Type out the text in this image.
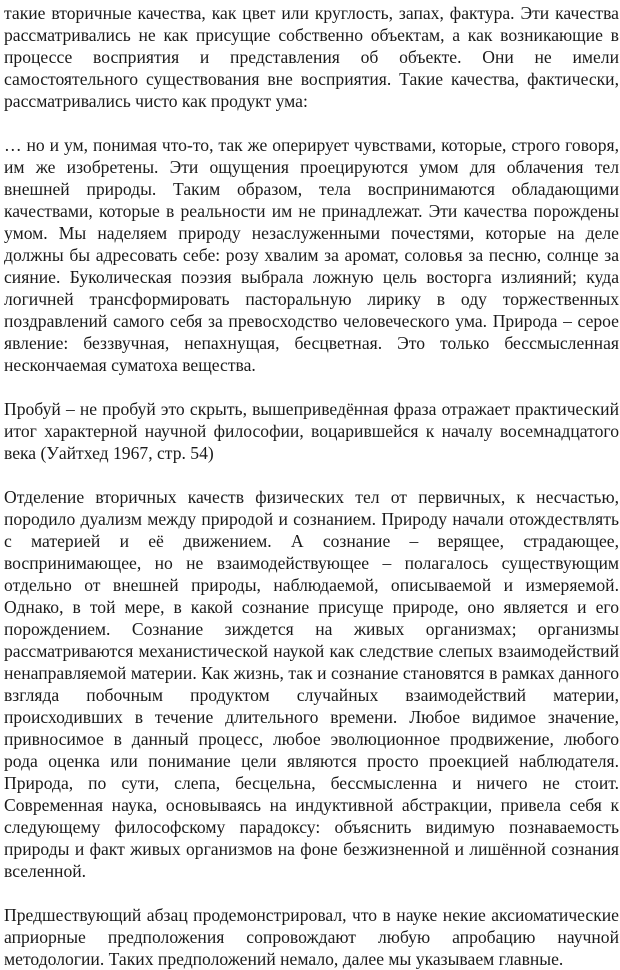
такие вторичные качества, как цвет или круглость, запах, фактура. Эти качества рассматривались не как присущие собственно объектам, а как возникающие в процессе восприятия и представления об объекте. Они не имели самостоятельного существования вне восприятия. Такие качества, фактически, рассматривались чисто как продукт ума:

… но и ум, понимая что-то, так же оперирует чувствами, которые, строго говоря, им же изобретены. Эти ощущения проецируются умом для облачения тел внешней природы. Таким образом, тела воспринимаются обладающими качествами, которые в реальности им не принадлежат. Эти качества порождены умом. Мы наделяем природу незаслуженными почестями, которые на деле должны бы адресовать себе: розу хвалим за аромат, соловья за песню, солнце за сияние. Буколическая поэзия выбрала ложную цель восторга излияний; куда логичней трансформировать пасторальную лирику в оду торжественных поздравлений самого себя за превосходство человеческого ума. Природа – серое явление: беззвучная, непахнущая, бесцветная. Это только бессмысленная нескончаемая суматоха вещества.

Пробуй – не пробуй это скрыть, вышеприведённая фраза отражает практический итог характерной научной философии, воцарившейся к началу восемнадцатого века (Уайтхед 1967, стр. 54)

Отделение вторичных качеств физических тел от первичных, к несчастью, породило дуализм между природой и сознанием. Природу начали отождествлять с материей и её движением. А сознание – верящее, страдающее, воспринимающее, но не взаимодействующее – полагалось существующим отдельно от внешней природы, наблюдаемой, описываемой и измеряемой. Однако, в той мере, в какой сознание присуще природе, оно является и его порождением. Сознание зиждется на живых организмах; организмы рассматриваются механистической наукой как следствие слепых взаимодействий ненаправляемой материи. Как жизнь, так и сознание становятся в рамках данного взгляда побочным продуктом случайных взаимодействий материи, происходивших в течение длительного времени. Любое видимое значение, привносимое в данный процесс, любое эволюционное продвижение, любого рода оценка или понимание цели являются просто проекцией наблюдателя. Природа, по сути, слепа, бесцельна, бессмысленна и ничего не стоит. Современная наука, основываясь на индуктивной абстракции, привела себя к следующему философскому парадоксу: объяснить видимую познаваемость природы и факт живых организмов на фоне безжизненной и лишённой сознания вселенной.

Предшествующий абзац продемонстрировал, что в науке некие аксиоматические априорные предположения сопровождают любую апробацию научной методологии. Таких предположений немало, далее мы указываем главные.
